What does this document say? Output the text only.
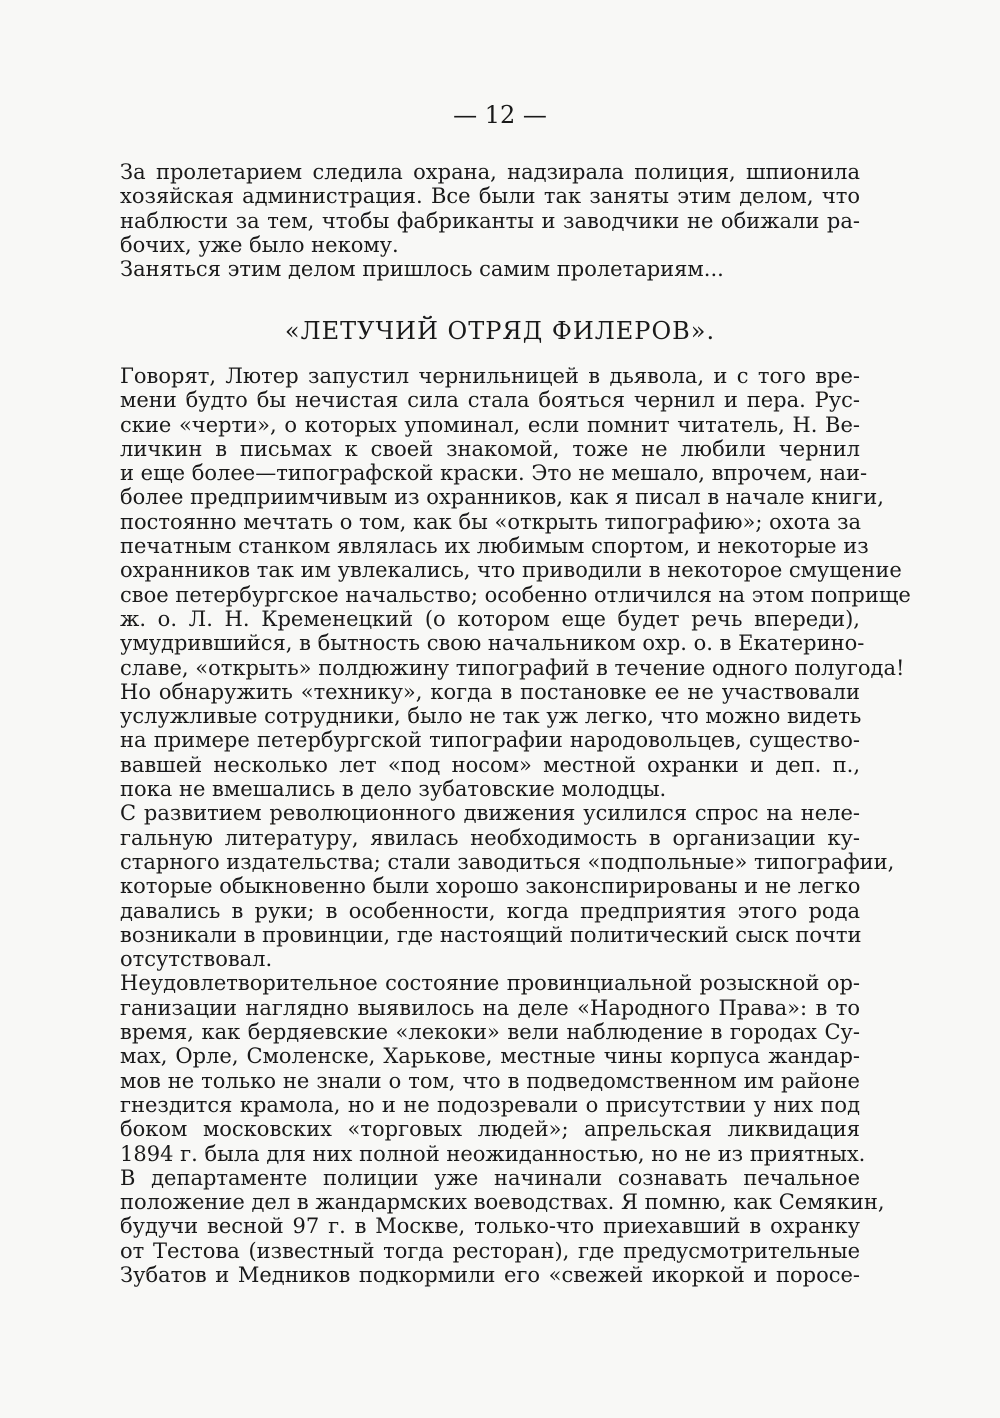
— 12 —
За пролетарием следила охрана, надзирала полиция, шпионила
хозяйская администрация. Все были так заняты этим делом, что
наблюсти за тем, чтобы фабриканты и заводчики не обижали ра-
бочих, уже было некому.
Заняться этим делом пришлось самим пролетариям...
«ЛЕТУЧИЙ ОТРЯД ФИЛЕРОВ».
Говорят, Лютер запустил чернильницей в дьявола, и с того вре-
мени будто бы нечистая сила стала бояться чернил и пера. Рус-
ские «черти», о которых упоминал, если помнит читатель, Н. Ве-
личкин в письмах к своей знакомой, тоже не любили чернил
и еще более—типографской краски. Это не мешало, впрочем, наи-
более предприимчивым из охранников, как я писал в начале книги,
постоянно мечтать о том, как бы «открыть типографию»; охота за
печатным станком являлась их любимым спортом, и некоторые из
охранников так им увлекались, что приводили в некоторое смущение
свое петербургское начальство; особенно отличился на этом поприще
ж. о. Л. Н. Кременецкий (о котором еще будет речь впереди),
умудрившийся, в бытность свою начальником охр. о. в Екатерино-
славе, «открыть» полдюжину типографий в течение одного полугода!
Но обнаружить «технику», когда в постановке ее не участвовали
услужливые сотрудники, было не так уж легко, что можно видеть
на примере петербургской типографии народовольцев, существо-
вавшей несколько лет «под носом» местной охранки и деп. п.,
пока не вмешались в дело зубатовские молодцы.
С развитием революционного движения усилился спрос на неле-
гальную литературу, явилась необходимость в организации ку-
старного издательства; стали заводиться «подпольные» типографии,
которые обыкновенно были хорошо законспирированы и не легко
давались в руки; в особенности, когда предприятия этого рода
возникали в провинции, где настоящий политический сыск почти
отсутствовал.
Неудовлетворительное состояние провинциальной розыскной ор-
ганизации наглядно выявилось на деле «Народного Права»: в то
время, как бердяевские «лекоки» вели наблюдение в городах Су-
мах, Орле, Смоленске, Харькове, местные чины корпуса жандар-
мов не только не знали о том, что в подведомственном им районе
гнездится крамола, но и не подозревали о присутствии у них под
боком московских «торговых людей»; апрельская ликвидация
1894 г. была для них полной неожиданностью, но не из приятных.
В департаменте полиции уже начинали сознавать печальное
положение дел в жандармских воеводствах. Я помню, как Семякин,
будучи весной 97 г. в Москве, только-что приехавший в охранку
от Тестова (известный тогда ресторан), где предусмотрительные
Зубатов и Медников подкормили его «свежей икоркой и поросе-
